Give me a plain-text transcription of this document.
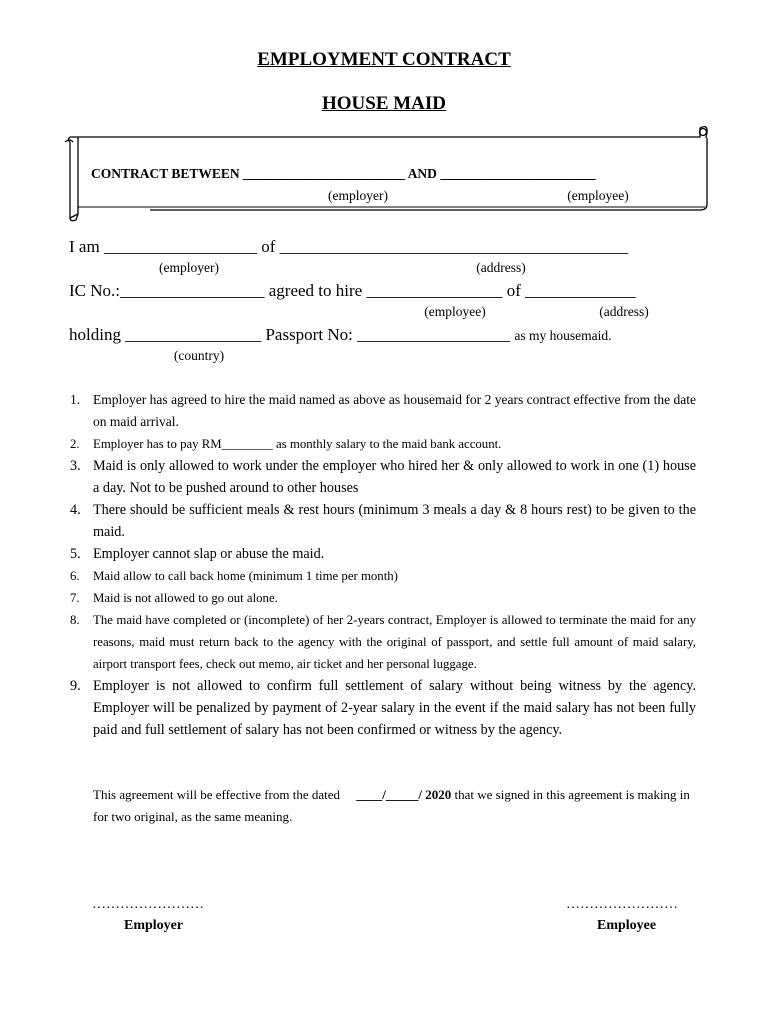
EMPLOYMENT CONTRACT
HOUSE MAID
CONTRACT BETWEEN ________________________ AND _______________________
(employer)	(employee)
I am __________________ of _________________________________________
(employer)	(address)
IC No.:_________________ agreed to hire ________________ of _____________
(employee)	(address)
holding ________________ Passport No: __________________ as my housemaid.
(country)
1. Employer has agreed to hire the maid named as above as housemaid for 2 years contract effective from the date on maid arrival.
2. Employer has to pay RM________ as monthly salary to the maid bank account.
3. Maid is only allowed to work under the employer who hired her & only allowed to work in one (1) house a day. Not to be pushed around to other houses
4. There should be sufficient meals & rest hours (minimum 3 meals a day & 8 hours rest) to be given to the maid.
5. Employer cannot slap or abuse the maid.
6. Maid allow to call back home (minimum 1 time per month)
7. Maid is not allowed to go out alone.
8. The maid have completed or (incomplete) of her 2-years contract, Employer is allowed to terminate the maid for any reasons, maid must return back to the agency with the original of passport, and settle full amount of maid salary, airport transport fees, check out memo, air ticket and her personal luggage.
9. Employer is not allowed to confirm full settlement of salary without being witness by the agency. Employer will be penalized by payment of 2-year salary in the event if the maid salary has not been fully paid and full settlement of salary has not been confirmed or witness by the agency.
This agreement will be effective from the dated ____/_____/ 2020 that we signed in this agreement is making in for two original, as the same meaning.
……………………
Employer
……………………
Employee
